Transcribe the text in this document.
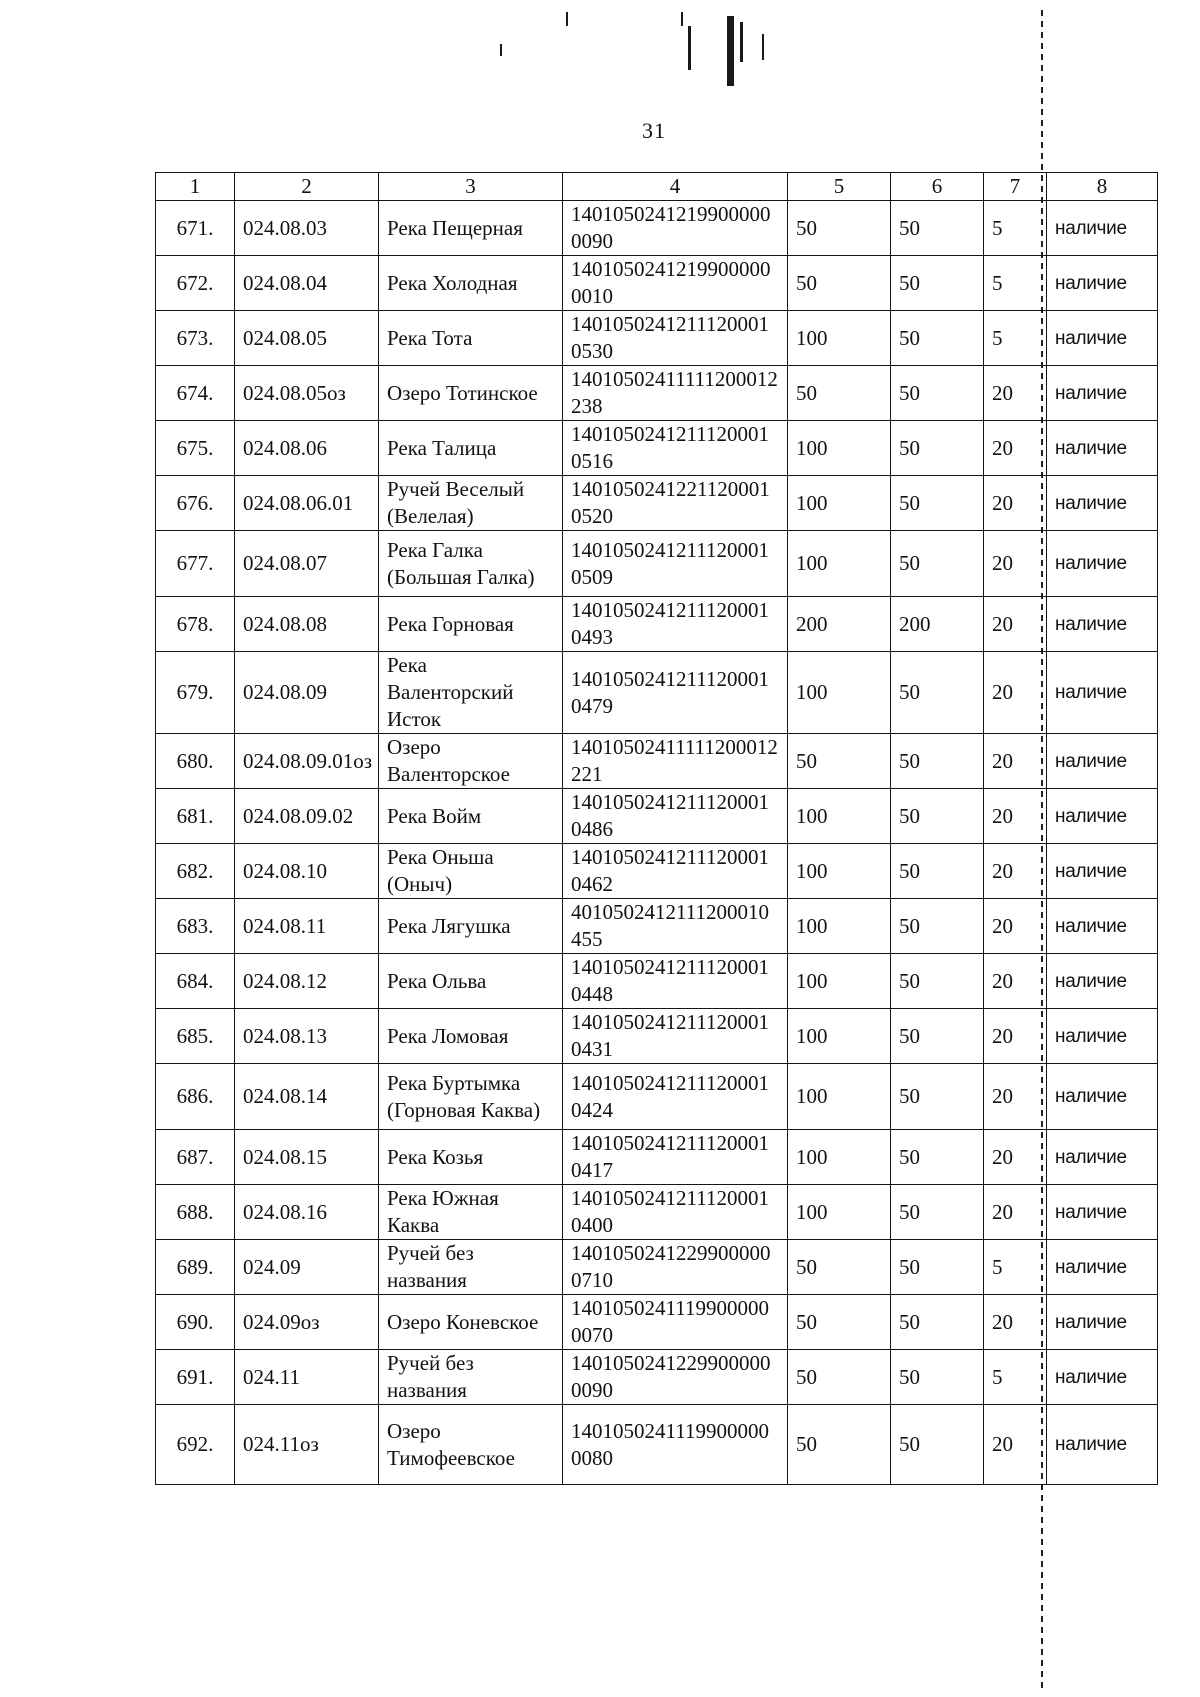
31
1	2	3	4	5	6	7	8
671.	024.08.03	Река Пещерная	14010502412199000000090	50	50	5	наличие
672.	024.08.04	Река Холодная	14010502412199000000010	50	50	5	наличие
673.	024.08.05	Река Тота	14010502412111200010530	100	50	5	наличие
674.	024.08.05оз	Озеро Тотинское	14010502411111200012238	50	50	20	наличие
675.	024.08.06	Река Талица	14010502412111200010516	100	50	20	наличие
676.	024.08.06.01	Ручей Веселый (Велелая)	14010502412211200010520	100	50	20	наличие
677.	024.08.07	Река Галка (Большая Галка)	14010502412111200010509	100	50	20	наличие
678.	024.08.08	Река Горновая	14010502412111200010493	200	200	20	наличие
679.	024.08.09	Река Валенторский Исток	14010502412111200010479	100	50	20	наличие
680.	024.08.09.01оз	Озеро Валенторское	14010502411111200012221	50	50	20	наличие
681.	024.08.09.02	Река Войм	14010502412111200010486	100	50	20	наличие
682.	024.08.10	Река Оньша (Оныч)	14010502412111200010462	100	50	20	наличие
683.	024.08.11	Река Лягушка	4010502412111200010455	100	50	20	наличие
684.	024.08.12	Река Ольва	14010502412111200010448	100	50	20	наличие
685.	024.08.13	Река Ломовая	14010502412111200010431	100	50	20	наличие
686.	024.08.14	Река Буртымка (Горновая Каква)	14010502412111200010424	100	50	20	наличие
687.	024.08.15	Река Козья	14010502412111200010417	100	50	20	наличие
688.	024.08.16	Река Южная Каква	14010502412111200010400	100	50	20	наличие
689.	024.09	Ручей без названия	14010502412299000000710	50	50	5	наличие
690.	024.09оз	Озеро Коневское	14010502411199000000070	50	50	20	наличие
691.	024.11	Ручей без названия	14010502412299000000090	50	50	5	наличие
692.	024.11оз	Озеро Тимофеевское	14010502411199000000080	50	50	20	наличие
